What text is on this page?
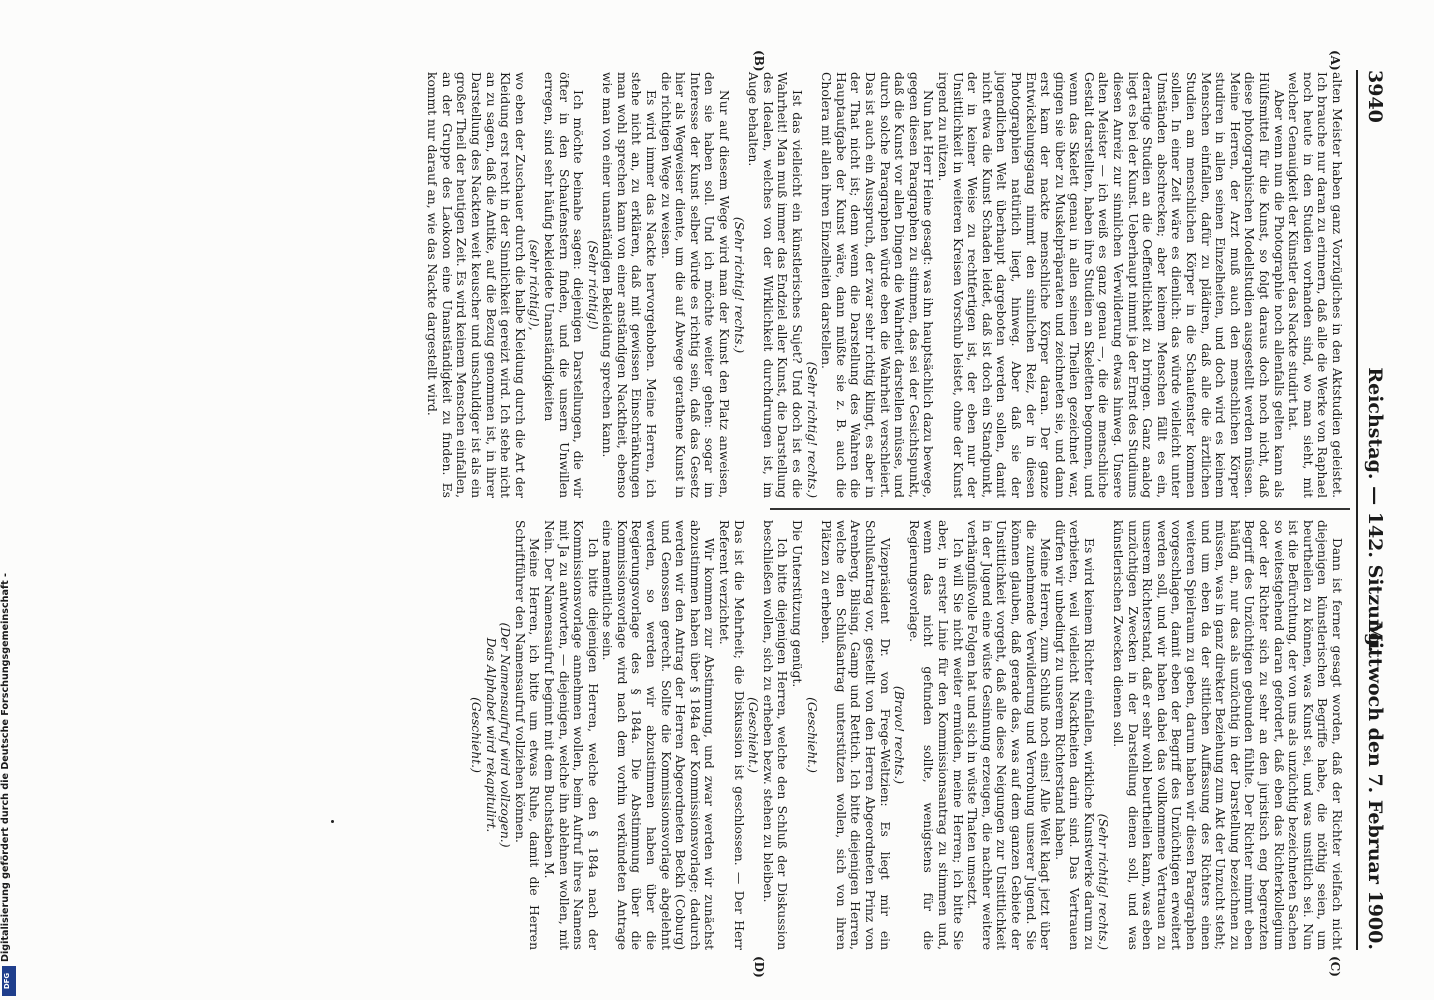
3940
Reichstag. — 142. Sitzung.
Mittwoch den 7. Februar 1900.
(A)
(B)
(C)
(D)

alten Meister haben ganz Vorzügliches in den Aktstudien geleistet. Ich brauche nur daran zu erinnern, daß alle die Werke von Raphael noch heute in den Studien vorhanden sind, wo man sieht, mit welcher Genauigkeit der Künstler das Nackte studirt hat.

Aber wenn nun die Photographie noch allenfalls gelten kann als Hülfsmittel für die Kunst, so folgt daraus doch noch nicht, daß diese photographischen Modellstudien ausgestellt werden müssen. Meine Herren, der Arzt muß auch den menschlichen Körper studiren in allen seinen Einzelheiten, und doch wird es keinem Menschen einfallen, dafür zu plädiren, daß alle die ärztlichen Studien am menschlichen Körper in die Schaufenster kommen sollen. In einer Zeit wäre es dienlich: das würde vielleicht unter Umständen abschrecken; aber keinem Menschen fällt es ein, derartige Studien an die Oeffentlichkeit zu bringen. Ganz analog liegt es bei der Kunst. Ueberhaupt nimmt ja der Ernst des Studiums diesen Anreiz zur sinnlichen Verwilderung etwas hinweg. Unsere alten Meister — ich weiß es ganz genau —, die die menschliche Gestalt darstellten, haben ihre Studien an Skeletten begonnen, und wenn das Skelett genau in allen seinen Theilen gezeichnet war, gingen sie über zu Muskelpräparaten und zeichneten sie, und dann erst kam der nackte menschliche Körper daran. Der ganze Entwickelungsgang nimmt den sinnlichen Reiz, der in diesen Photographien natürlich liegt, hinweg. Aber daß sie der jugendlichen Welt überhaupt dargeboten werden sollen, damit nicht etwa die Kunst Schaden leidet, daß ist doch ein Standpunkt, der in keiner Weise zu rechtfertigen ist, der eben nur der Unsittlichkeit in weiteren Kreisen Vorschub leistet, ohne der Kunst irgend zu nützen.

Nun hat Herr Heine gesagt: was ihn hauptsächlich dazu bewege, gegen diesen Paragraphen zu stimmen, das sei der Gesichtspunkt, daß die Kunst vor allen Dingen die Wahrheit darstellen müsse, und durch solche Paragraphen würde eben die Wahrheit verschleiert. Das ist auch ein Ausspruch, der zwar sehr richtig klingt, es aber in der That nicht ist; denn wenn die Darstellung des Wahren die Hauptaufgabe der Kunst wäre, dann müßte sie z. B. auch die Cholera mit allen ihren Einzelheiten darstellen.

(Sehr richtig! rechts.)

Ist das vielleicht ein künstlerisches Sujet? Und doch ist es die Wahrheit! Man muß immer das Endziel aller Kunst, die Darstellung des Idealen, welches von der Wirklichkeit durchdrungen ist, im Auge behalten.

(Sehr richtig! rechts.)

Nur auf diesem Wege wird man der Kunst den Platz anweisen, den sie haben soll. Und ich möchte weiter gehen: sogar im Interesse der Kunst selber würde es richtig sein, daß das Gesetz hier als Wegweiser diente, um die auf Abwege gerathene Kunst in die richtigen Wege zu weisen.

Es wird immer das Nackte hervorgehoben. Meine Herren, ich stehe nicht an, zu erklären, daß mit gewissen Einschränkungen man wohl sprechen kann von einer anständigen Nacktheit, ebenso wie man von einer unanständigen Bekleidung sprechen kann.

(Sehr richtig!)

Ich möchte beinahe sagen: diejenigen Darstellungen, die wir öfter in den Schaufenstern finden, und die unsern Unwillen erregen, sind sehr häufig bekleidete Unanständigkeiten

(sehr richtig!),

wo eben der Zuschauer durch die halbe Kleidung durch die Art der Kleidung erst recht in der Sinnlichkeit gereizt wird. Ich stehe nicht an zu sagen, daß die Antike, auf die Bezug genommen ist, in ihrer Darstellung des Nackten weit keuscher und unschuldiger ist als ein großer Theil der heutigen Zeit. Es wird keinem Menschen einfallen, an der Gruppe des Laokoon eine Unanständigkeit zu finden. Es kommt nur darauf an, wie das Nackte dargestellt wird.

Dann ist ferner gesagt worden, daß der Richter vielfach nicht diejenigen künstlerischen Begriffe habe, die nöthig seien, um beurtheilen zu können, was Kunst sei, und was unsittlich sei. Nun ist die Befürchtung, der von uns als unzüchtig bezeichneten Sachen so weitestgehend daran gefordert, daß eben das Richterkollegium oder der Richter sich zu sehr an den juristisch eng begrenzten Begriff des Unzüchtigen gebunden fühlte. Der Richter nimmt eben häufig an, nur das als unzüchtig in der Darstellung bezeichnen zu müssen, was in ganz direkter Beziehung zum Akt der Unzucht steht; und um eben da der sittlichen Auffassung des Richters einen weiteren Spielraum zu geben, darum haben wir diesen Paragraphen vorgeschlagen, damit eben der Begriff des Unzüchtigen erweitert werden soll, und wir haben dabei das vollkommene Vertrauen zu unserem Richterstand, daß er sehr wohl beurtheilen kann, was eben unzüchtigen Zwecken in der Darstellung dienen soll, und was künstlerischen Zwecken dienen soll.

(Sehr richtig! rechts.)

Es wird keinem Richter einfallen, wirkliche Kunstwerke darum zu verbieten, weil vielleicht Nacktheiten darin sind. Das Vertrauen dürfen wir unbedingt zu unserem Richterstand haben.

Meine Herren, zum Schluß noch eins! Alle Welt klagt jetzt über die zunehmende Verwilderung und Verrohung unserer Jugend. Sie können glauben, daß gerade das, was auf dem ganzen Gebiete der Unsittlichkeit vorgeht, daß alle diese Neigungen zur Unsittlichkeit in der Jugend eine wüste Gesinnung erzeugen, die nachher weitere verhängnißvolle Folgen hat und sich in wüste Thaten umsetzt.

Ich will Sie nicht weiter ermüden, meine Herren; ich bitte Sie aber, in erster Linie für den Kommissionsantrag zu stimmen und, wenn das nicht gefunden sollte, wenigstens für die Regierungsvorlage.

(Bravo! rechts.)

Vizepräsident Dr. von Frege-Weltzien: Es liegt mir ein Schlußantrag vor, gestellt von den Herren Abgeordneten Prinz von Arenberg, Bilsing, Gamp und Rettich. Ich bitte diejenigen Herren, welche den Schlußantrag unterstützen wollen, sich von ihren Plätzen zu erheben.

(Geschieht.)

Die Unterstützung genügt.

Ich bitte diejenigen Herren, welche den Schluß der Diskussion beschließen wollen, sich zu erheben bezw. stehen zu bleiben.

(Geschieht.)

Das ist die Mehrheit; die Diskussion ist geschlossen. — Der Herr Referent verzichtet.

Wir kommen zur Abstimmung, und zwar werden wir zunächst abzustimmen haben über § 184a der Kommissionsvorlage; dadurch werden wir den Antrag der Herren Abgeordneten Beckh (Coburg) und Genossen gerecht. Sollte die Kommissionsvorlage abgelehnt werden, so werden wir abzustimmen haben über die Regierungsvorlage des § 184a. Die Abstimmung über die Kommissionsvorlage wird nach dem vorhin verkündeten Antrage eine namentliche sein.

Ich bitte diejenigen Herren, welche den § 184a nach der Kommissionsvorlage annehmen wollen, beim Aufruf ihres Namens mit Ja zu antworten, — diejenigen, welche ihn ablehnen wollen, mit Nein. Der Namensaufruf beginnt mit dem Buchstaben M.

Meine Herren, ich bitte um etwas Ruhe, damit die Herren Schriftführer den Namensaufruf vollziehen können.

(Der Namensaufruf wird vollzogen.)

Das Alphabet wird rekapitulirt.

(Geschieht.)

DFG
Digitalisierung gefördert durch die Deutsche Forschungsgemeinschaft -
